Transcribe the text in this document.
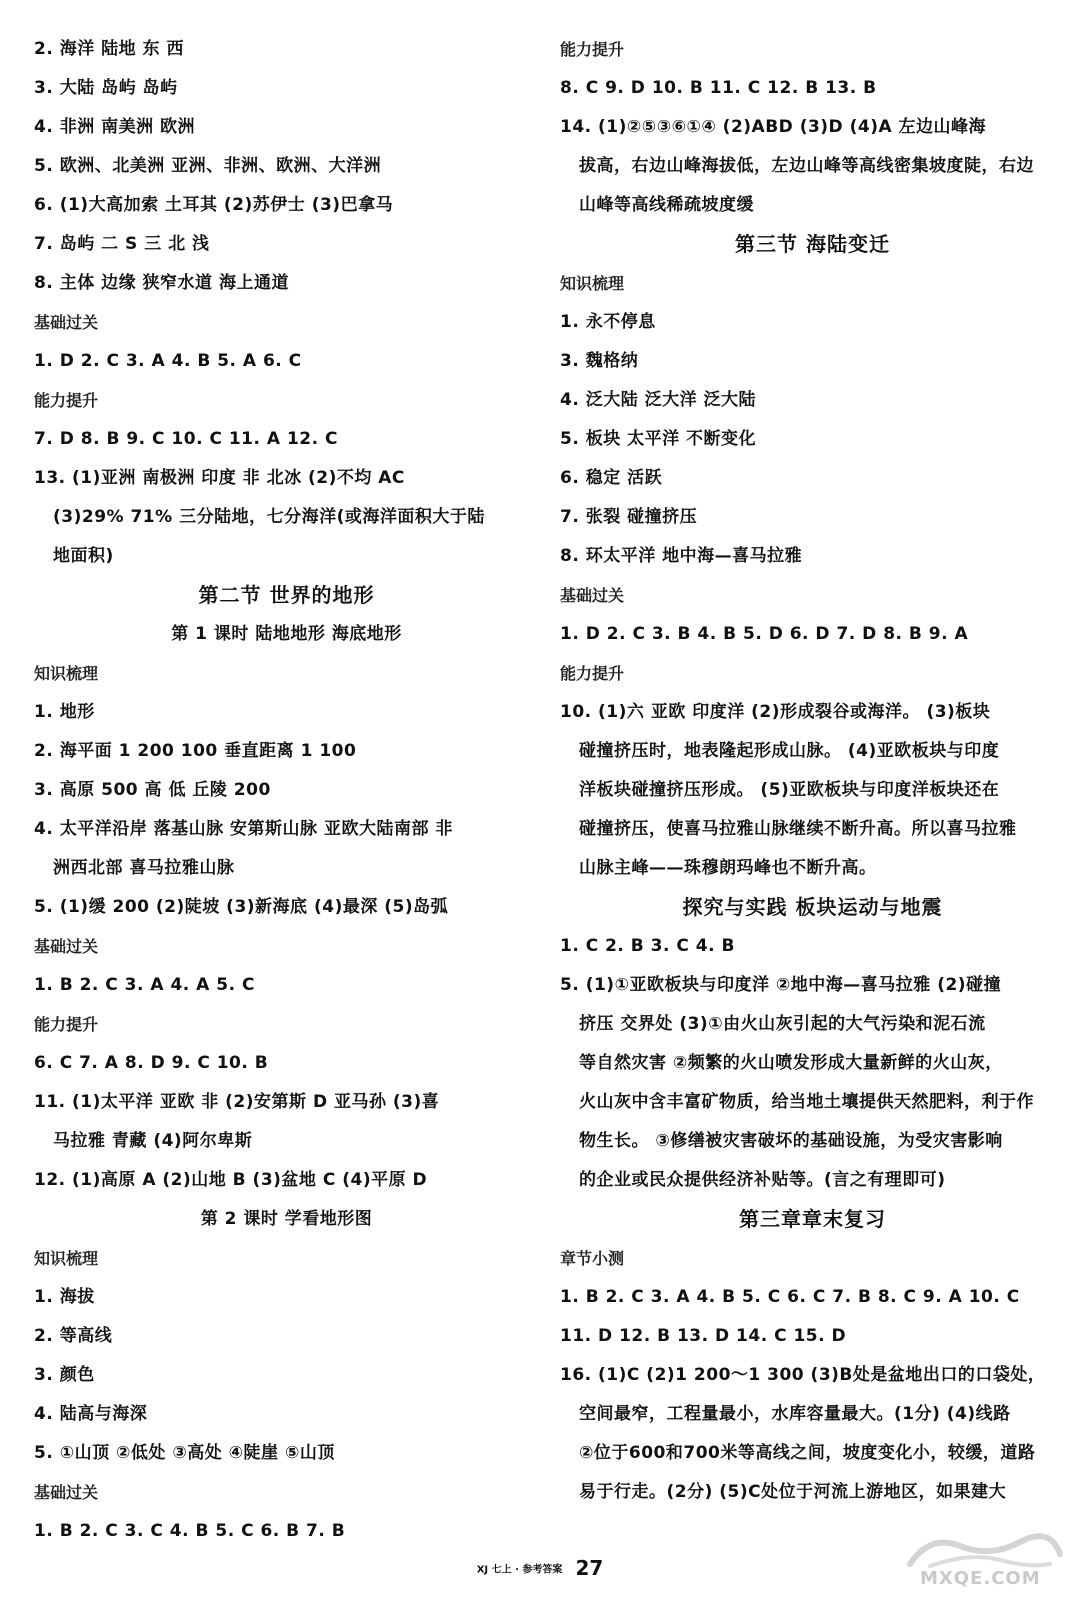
2. 海洋 陆地 东 西
3. 大陆 岛屿 岛屿
4. 非洲 南美洲 欧洲
5. 欧洲、北美洲 亚洲、非洲、欧洲、大洋洲
6. (1)大高加索 土耳其 (2)苏伊士 (3)巴拿马
7. 岛屿 二 S 三 北 浅
8. 主体 边缘 狭窄水道 海上通道
基础过关
1. D 2. C 3. A 4. B 5. A 6. C
能力提升
7. D 8. B 9. C 10. C 11. A 12. C
13. (1)亚洲 南极洲 印度 非 北冰 (2)不均 AC
(3)29% 71% 三分陆地，七分海洋(或海洋面积大于陆
地面积)
第二节 世界的地形
第 1 课时 陆地地形 海底地形
知识梳理
1. 地形
2. 海平面 1 200 100 垂直距离 1 100
3. 高原 500 高 低 丘陵 200
4. 太平洋沿岸 落基山脉 安第斯山脉 亚欧大陆南部 非
洲西北部 喜马拉雅山脉
5. (1)缓 200 (2)陡坡 (3)新海底 (4)最深 (5)岛弧
基础过关
1. B 2. C 3. A 4. A 5. C
能力提升
6. C 7. A 8. D 9. C 10. B
11. (1)太平洋 亚欧 非 (2)安第斯 D 亚马孙 (3)喜
马拉雅 青藏 (4)阿尔卑斯
12. (1)高原 A (2)山地 B (3)盆地 C (4)平原 D
第 2 课时 学看地形图
知识梳理
1. 海拔
2. 等高线
3. 颜色
4. 陆高与海深
5. ①山顶 ②低处 ③高处 ④陡崖 ⑤山顶
基础过关
1. B 2. C 3. C 4. B 5. C 6. B 7. B
能力提升
8. C 9. D 10. B 11. C 12. B 13. B
14. (1)②⑤③⑥①④ (2)ABD (3)D (4)A 左边山峰海
拔高，右边山峰海拔低，左边山峰等高线密集坡度陡，右边
山峰等高线稀疏坡度缓
第三节 海陆变迁
知识梳理
1. 永不停息
3. 魏格纳
4. 泛大陆 泛大洋 泛大陆
5. 板块 太平洋 不断变化
6. 稳定 活跃
7. 张裂 碰撞挤压
8. 环太平洋 地中海—喜马拉雅
基础过关
1. D 2. C 3. B 4. B 5. D 6. D 7. D 8. B 9. A
能力提升
10. (1)六 亚欧 印度洋 (2)形成裂谷或海洋。 (3)板块
碰撞挤压时，地表隆起形成山脉。 (4)亚欧板块与印度
洋板块碰撞挤压形成。 (5)亚欧板块与印度洋板块还在
碰撞挤压，使喜马拉雅山脉继续不断升高。所以喜马拉雅
山脉主峰——珠穆朗玛峰也不断升高。
探究与实践 板块运动与地震
1. C 2. B 3. C 4. B
5. (1)①亚欧板块与印度洋 ②地中海—喜马拉雅 (2)碰撞
挤压 交界处 (3)①由火山灰引起的大气污染和泥石流
等自然灾害 ②频繁的火山喷发形成大量新鲜的火山灰，
火山灰中含丰富矿物质，给当地土壤提供天然肥料，利于作
物生长。 ③修缮被灾害破坏的基础设施，为受灾害影响
的企业或民众提供经济补贴等。(言之有理即可)
第三章章末复习
章节小测
1. B 2. C 3. A 4. B 5. C 6. C 7. B 8. C 9. A 10. C
11. D 12. B 13. D 14. C 15. D
16. (1)C (2)1 200～1 300 (3)B处是盆地出口的口袋处，
空间最窄，工程量最小，水库容量最大。(1分) (4)线路
②位于600和700米等高线之间，坡度变化小，较缓，道路
易于行走。(2分) (5)C处位于河流上游地区，如果建大
XJ 七上 · 参考答案 27	MXQE.COM
